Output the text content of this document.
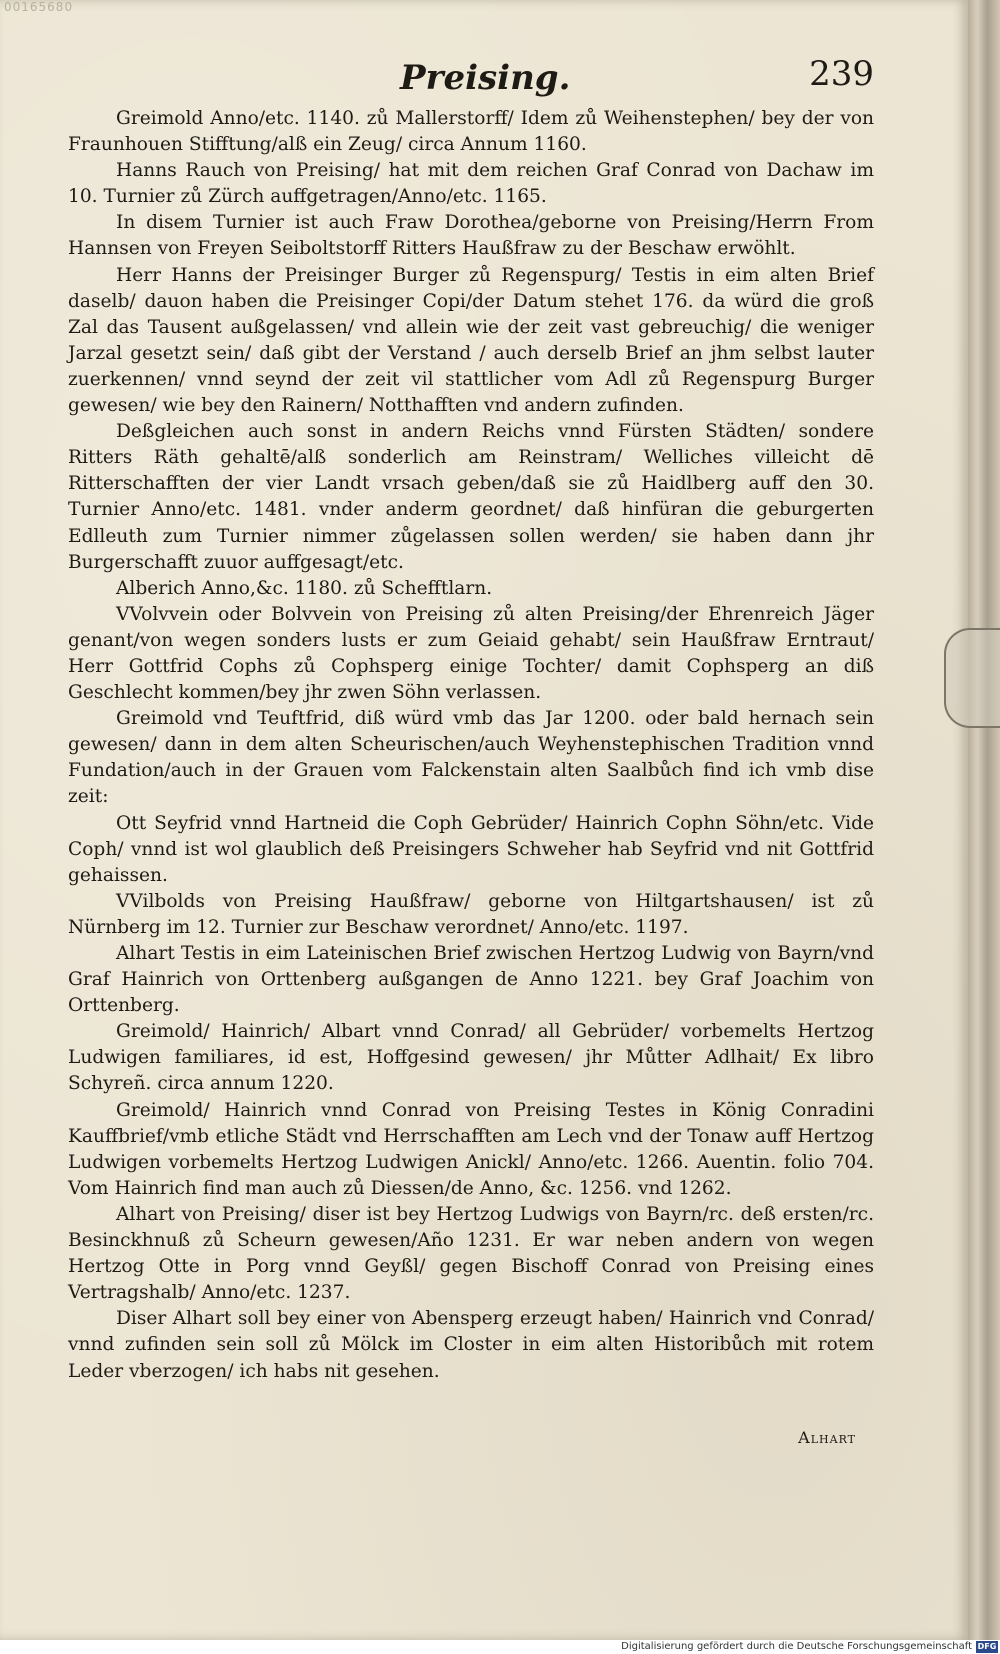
00165680
Preising.	239

Greimold Anno/etc. 1140. zů Mallerstorff/ Idem zů Weihenstephen/ bey der von Fraunhouen Stifftung/alß ein Zeug/ circa Annum 1160.

Hanns Rauch von Preising/ hat mit dem reichen Graf Conrad von Dachaw im 10. Turnier zů Zürch auffgetragen/Anno/etc. 1165.

In disem Turnier ist auch Fraw Dorothea/geborne von Preising/Herrn From Hannsen von Freyen Seiboltstorff Ritters Haußfraw zu der Beschaw erwöhlt.

Herr Hanns der Preisinger Burger zů Regenspurg/ Testis in eim alten Brief daselb/ dauon haben die Preisinger Copi/der Datum stehet 176. da würd die groß Zal das Tausent außgelassen/ vnd allein wie der zeit vast gebreuchig/ die weniger Jarzal gesetzt sein/ daß gibt der Verstand / auch derselb Brief an jhm selbst lauter zuerkennen/ vnnd seynd der zeit vil stattlicher vom Adl zů Regenspurg Burger gewesen/ wie bey den Rainern/ Notthafften vnd andern zufinden.

Deßgleichen auch sonst in andern Reichs vnnd Fürsten Städten/ sondere Ritters Räth gehaltē/alß sonderlich am Reinstram/ Welliches villeicht dē Ritterschafften der vier Landt vrsach geben/daß sie zů Haidlberg auff den 30. Turnier Anno/etc. 1481. vnder anderm geordnet/ daß hinfüran die geburgerten Edlleuth zum Turnier nimmer zůgelassen sollen werden/ sie haben dann jhr Burgerschafft zuuor auffgesagt/etc.

Alberich Anno,&c. 1180. zů Schefftlarn.

VVolvvein oder Bolvvein von Preising zů alten Preising/der Ehrenreich Jäger genant/von wegen sonders lusts er zum Geiaid gehabt/ sein Haußfraw Erntraut/ Herr Gottfrid Cophs zů Cophsperg einige Tochter/ damit Cophsperg an diß Geschlecht kommen/bey jhr zwen Söhn verlassen.

Greimold vnd Teuftfrid, diß würd vmb das Jar 1200. oder bald hernach sein gewesen/ dann in dem alten Scheurischen/auch Weyhenstephischen Tradition vnnd Fundation/auch in der Grauen vom Falckenstain alten Saalbůch find ich vmb dise zeit:

Ott Seyfrid vnnd Hartneid die Coph Gebrüder/ Hainrich Cophn Söhn/etc. Vide Coph/ vnnd ist wol glaublich deß Preisingers Schweher hab Seyfrid vnd nit Gottfrid gehaissen.

VVilbolds von Preising Haußfraw/ geborne von Hiltgartshausen/ ist zů Nürnberg im 12. Turnier zur Beschaw verordnet/ Anno/etc. 1197.

Alhart Testis in eim Lateinischen Brief zwischen Hertzog Ludwig von Bayrn/vnd Graf Hainrich von Orttenberg außgangen de Anno 1221. bey Graf Joachim von Orttenberg.

Greimold/ Hainrich/ Albart vnnd Conrad/ all Gebrüder/ vorbemelts Hertzog Ludwigen familiares, id est, Hoffgesind gewesen/ jhr Můtter Adlhait/ Ex libro Schyreñ. circa annum 1220.

Greimold/ Hainrich vnnd Conrad von Preising Testes in König Conradini Kauffbrief/vmb etliche Städt vnd Herrschafften am Lech vnd der Tonaw auff Hertzog Ludwigen vorbemelts Hertzog Ludwigen Anickl/ Anno/etc. 1266. Auentin. folio 704. Vom Hainrich find man auch zů Diessen/de Anno, &c. 1256. vnd 1262.

Alhart von Preising/ diser ist bey Hertzog Ludwigs von Bayrn/rc. deß ersten/rc. Besinckhnuß zů Scheurn gewesen/Año 1231. Er war neben andern von wegen Hertzog Otte in Porg vnnd Geyßl/ gegen Bischoff Conrad von Preising eines Vertragshalb/ Anno/etc. 1237.

Diser Alhart soll bey einer von Abensperg erzeugt haben/ Hainrich vnd Conrad/ vnnd zufinden sein soll zů Mölck im Closter in eim alten Historibůch mit rotem Leder vberzogen/ ich habs nit gesehen.

Alhart
Digitalisierung gefördert durch die Deutsche Forschungsgemeinschaft DFG
